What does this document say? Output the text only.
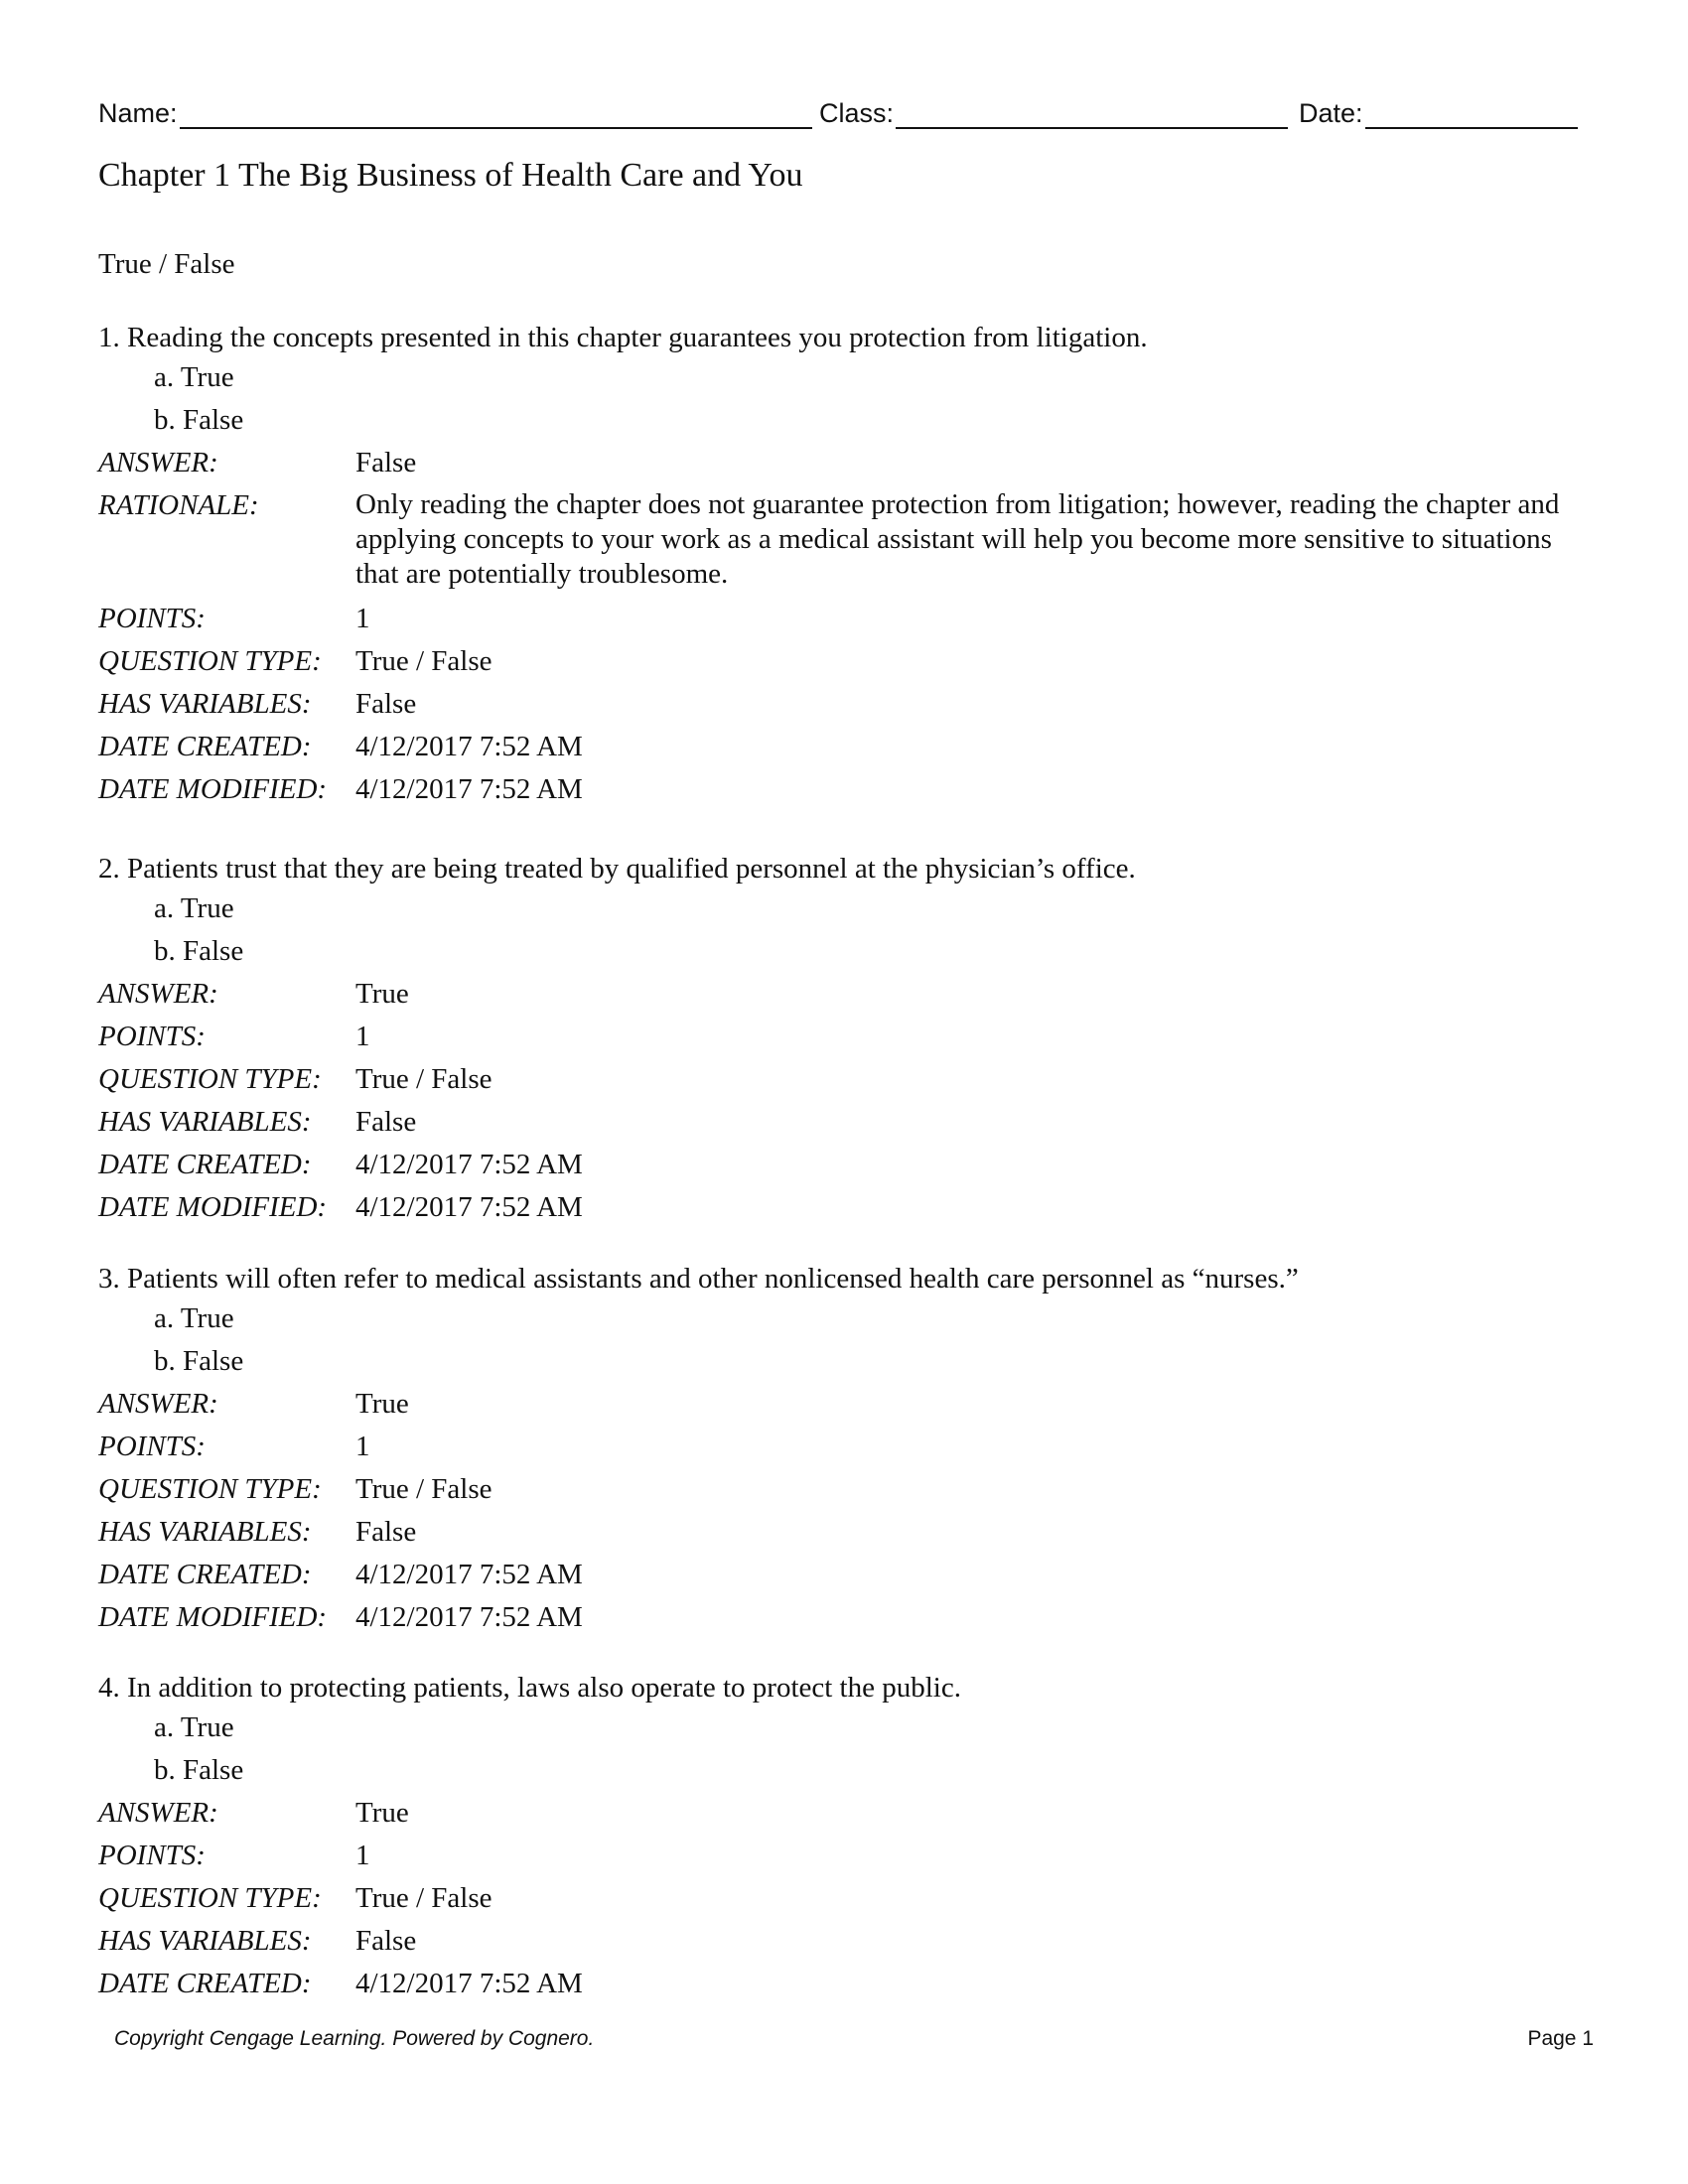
Name:	Class:	Date:
Chapter 1 The Big Business of Health Care and You
True / False

1. Reading the concepts presented in this chapter guarantees you protection from litigation.

a. True

b. False

ANSWER:	False
RATIONALE:	Only reading the chapter does not guarantee protection from litigation; however, reading the chapter and applying concepts to your work as a medical assistant will help you become more sensitive to situations that are potentially troublesome.
POINTS:	1
QUESTION TYPE:	True / False
HAS VARIABLES:	False
DATE CREATED:	4/12/2017 7:52 AM
DATE MODIFIED: 4/12/2017 7:52 AM

2. Patients trust that they are being treated by qualified personnel at the physician’s office.

a. True

b. False

ANSWER:	True
POINTS:	1
QUESTION TYPE:	True / False
HAS VARIABLES:	False
DATE CREATED:	4/12/2017 7:52 AM
DATE MODIFIED: 4/12/2017 7:52 AM

3. Patients will often refer to medical assistants and other nonlicensed health care personnel as “nurses.”

a. True

b. False

ANSWER:	True
POINTS:	1
QUESTION TYPE:	True / False
HAS VARIABLES:	False
DATE CREATED:	4/12/2017 7:52 AM
DATE MODIFIED: 4/12/2017 7:52 AM

4. In addition to protecting patients, laws also operate to protect the public.

a. True

b. False

ANSWER:	True
POINTS:	1
QUESTION TYPE:	True / False
HAS VARIABLES:	False
DATE CREATED:	4/12/2017 7:52 AM
Copyright Cengage Learning. Powered by Cognero.	Page 1
